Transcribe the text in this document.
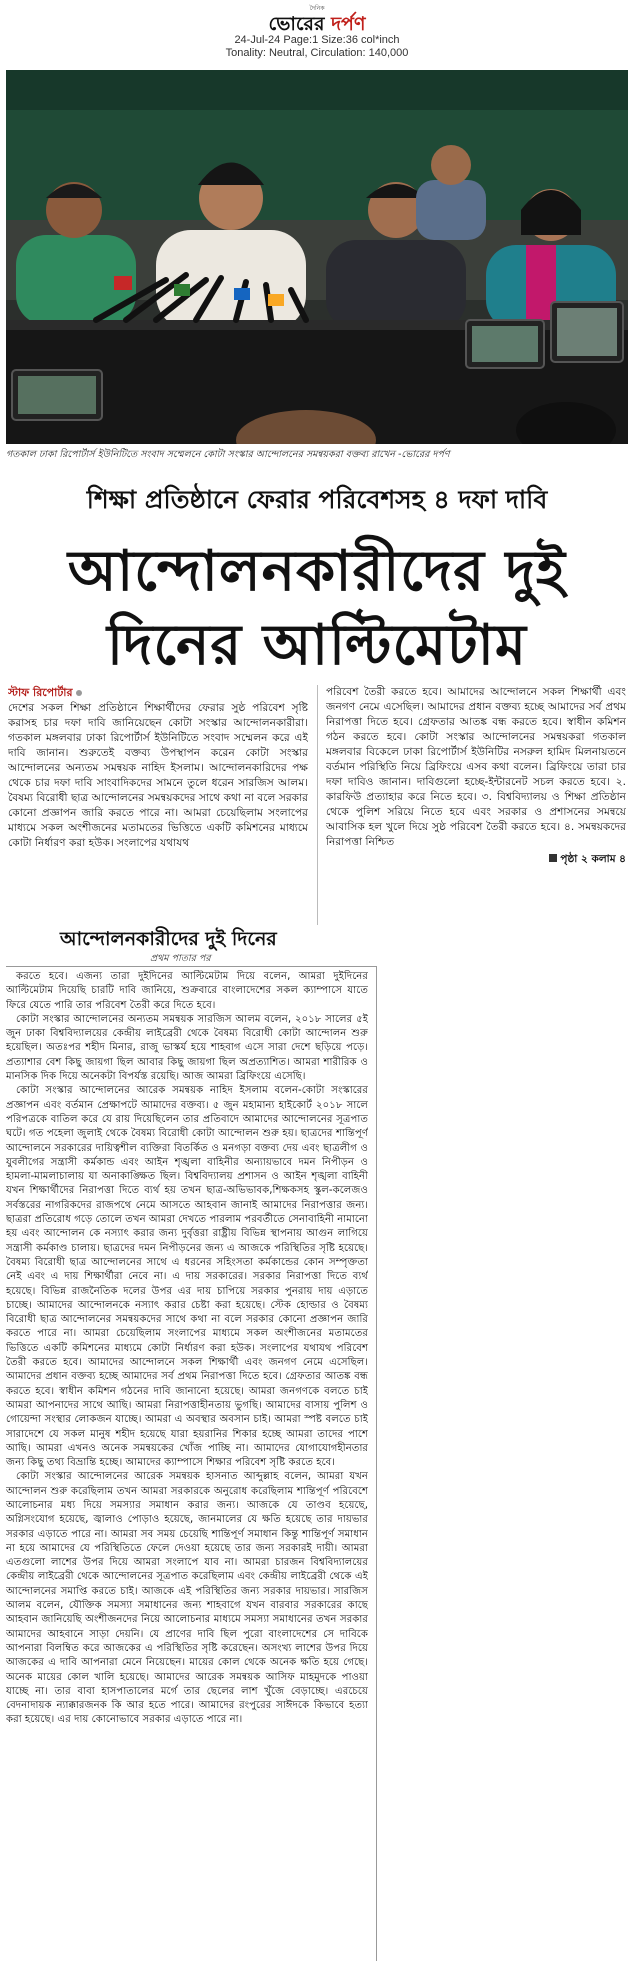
দৈনিক
ভোরের দর্পণ
24-Jul-24 Page:1 Size:36 col*inch
Tonality: Neutral, Circulation: 140,000
গতকাল ঢাকা রিপোর্টার্স ইউনিটিতে সংবাদ সম্মেলনে কোটা সংস্কার আন্দোলনের সমন্বয়করা বক্তব্য রাখেন -ভোরের দর্পণ
শিক্ষা প্রতিষ্ঠানে ফেরার পরিবেশসহ ৪ দফা দাবি
আন্দোলনকারীদের দুই
দিনের আল্টিমেটাম
স্টাফ রিপোর্টার
দেশের সকল শিক্ষা প্রতিষ্ঠানে শিক্ষার্থীদের ফেরার সুষ্ঠ পরিবেশ সৃষ্টি করাসহ চার দফা দাবি জানিয়েছেন কোটা সংস্কার আন্দোলনকারীরা। গতকাল মঙ্গলবার ঢাকা রিপোর্টার্স ইউনিটিতে সংবাদ সম্মেলন করে এই দাবি জানান। শুরুতেই বক্তব্য উপস্থাপন করেন কোটা সংস্কার আন্দোলনের অন্যতম সমন্বয়ক নাহিদ ইসলাম। আন্দোলনকারিদের পক্ষ থেকে চার দফা দাবি সাংবাদিকদের সামনে তুলে ধরেন সারজিস আলম। বৈষম্য বিরোধী ছাত্র আন্দোলনের সমন্বয়কদের সাথে কথা না বলে সরকার কোনো প্রজ্ঞাপন জারি করতে পারে না। আমরা চেয়েছিলাম সংলাপের মাধ্যমে সকল অংশীজনের মতামতের ভিত্তিতে একটি কমিশনের মাধ্যমে কোটা নির্ধারণ করা হউক। সংলাপের যথাযথ
পরিবেশ তৈরী করতে হবে। আমাদের আন্দোলনে সকল শিক্ষার্থী এবং জনগণ নেমে এসেছিল। আমাদের প্রধান বক্তব্য হচ্ছে আমাদের সর্ব প্রথম নিরাপত্তা দিতে হবে। গ্রেফতার আতঙ্ক বন্ধ করতে হবে। স্বাধীন কমিশন গঠন করতে হবে। কোটা সংস্কার আন্দোলনের সমন্বয়করা গতকাল মঙ্গলবার বিকেলে ঢাকা রিপোর্টার্স ইউনিটির নসরুল হামিদ মিলনায়তনে বর্তমান পরিস্থিতি নিয়ে ব্রিফিংয়ে এসব কথা বলেন। ব্রিফিংয়ে তারা চার দফা দাবিও জানান। দাবিগুলো হচ্ছে-ইন্টারনেট সচল করতে হবে। ২. কারফিউ প্রত্যাহার করে নিতে হবে। ৩. বিশ্ববিদ্যালয় ও শিক্ষা প্রতিষ্ঠান থেকে পুলিশ সরিয়ে নিতে হবে এবং সরকার ও প্রশাসনের সমন্বয়ে আবাসিক হল খুলে দিয়ে সুষ্ঠ পরিবেশ তৈরী করতে হবে। ৪. সমন্বয়কদের নিরাপত্তা নিশ্চিত
পৃষ্ঠা ২ কলাম ৪
আন্দোলনকারীদের দুই দিনের
প্রথম পাতার পর

করতে হবে। এজন্য তারা দুইদিনের আল্টিমেটাম দিয়ে বলেন, আমরা দুইদিনের আল্টিমেটাম দিয়েছি চারটি দাবি জানিয়ে, শুক্রবারে বাংলাদেশের সকল ক্যাম্পাসে যাতে ফিরে যেতে পারি তার পরিবেশ তৈরী করে দিতে হবে।

কোটা সংস্কার আন্দোলনের অন্যতম সমন্বয়ক সারজিস আলম বলেন, ২০১৮ সালের ৫ই জুন ঢাকা বিশ্ববিদ্যালয়ের কেন্দ্রীয় লাইব্রেরী থেকে বৈষম্য বিরোধী কোটা আন্দোলন শুরু হয়েছিল। অতঃপর শহীদ মিনার, রাজু ভাস্কর্য হয়ে শাহবাগ এসে সারা দেশে ছড়িয়ে পড়ে। প্রত্যাশার বেশ কিছু জায়গা ছিল আবার কিছু জায়গা ছিল অপ্রত্যাশিত। আমরা শারীরিক ও মানসিক দিক দিয়ে অনেকটা বিপর্যস্ত রয়েছি। আজ আমরা ব্রিফিংয়ে এসেছি।

কোটা সংস্কার আন্দোলনের আরেক সমন্বয়ক নাহিদ ইসলাম বলেন-কোটা সংস্কারের প্রজ্ঞাপন এবং বর্তমান প্রেক্ষাপটে আমাদের বক্তব্য। ৫ জুন মহামান্য হাইকোর্ট ২০১৮ সালে পরিপত্রকে বাতিল করে যে রায় দিয়েছিলেন তার প্রতিবাদে আমাদের আন্দোলনের সূত্রপাত ঘটে। গত পহেলা জুলাই থেকে বৈষম্য বিরোধী কোটা আন্দোলন শুরু হয়। ছাত্রদের শান্তিপূর্ণ আন্দোলনে সরকারের দায়িত্বশীল ব্যক্তিরা বিতর্কিত ও মনগড়া বক্তব্য দেয় এবং ছাত্রলীগ ও যুবলীগের সন্ত্রাসী কর্মকান্ড এবং আইন শৃঙ্খলা বাহিনীর অন্যায়ভাবে দমন নিপীড়ন ও হামলা-মামলাচালায় যা অনাকাঙ্ক্ষিত ছিল। বিশ্ববিদ্যালয় প্রশাসন ও আইন শৃঙ্খলা বাহিনী যখন শিক্ষার্থীদের নিরাপত্তা দিতে ব্যর্থ হয় তখন ছাত্র-অভিভাবক,শিক্ষকসহ স্কুল-কলেজও সর্বস্তরের নাগরিকদের রাজপথে নেমে আসতে আহবান জানাই আমাদের নিরাপত্তার জন্য। ছাত্ররা প্রতিরোধ গড়ে তোলে তখন আমরা দেখতে পারলাম পরবর্তীতে সেনাবাহিনী নামানো হয় এবং আন্দোলন কে নস্যাৎ করার জন্য দুর্বৃত্তরা রাষ্ট্রীয় বিভিন্ন স্থাপনায় আগুন লাগিয়ে সন্ত্রাসী কর্মকাণ্ড চালায়। ছাত্রদের দমন নিপীড়নের জন্য এ আজকে পরিস্থিতির সৃষ্টি হয়েছে। বৈষম্য বিরোধী ছাত্র আন্দোলনের সাথে এ ধরনের সহিংসতা কর্মকান্ডের কোন সম্পৃক্ততা নেই এবং এ দায় শিক্ষার্থীরা নেবে না। এ দায় সরকারের। সরকার নিরাপত্তা দিতে ব্যর্থ হয়েছে। বিভিন্ন রাজনৈতিক দলের উপর এর দায় চাপিয়ে সরকার পুনরায় দায় এড়াতে চাচ্ছে। আমাদের আন্দোলনকে নস্যাৎ করার চেষ্টা করা হয়েছে। স্টেক হোল্ডার ও বৈষম্য বিরোধী ছাত্র আন্দোলনের সমন্বয়কদের সাথে কথা না বলে সরকার কোনো প্রজ্ঞাপন জারি করতে পারে না। আমরা চেয়েছিলাম সংলাপের মাধ্যমে সকল অংশীজনের মতামতের ভিত্তিতে একটি কমিশনের মাধ্যমে কোটা নির্ধারণ করা হউক। সংলাপের যথাযথ পরিবেশ তৈরী করতে হবে। আমাদের আন্দোলনে সকল শিক্ষার্থী এবং জনগণ নেমে এসেছিল। আমাদের প্রধান বক্তব্য হচ্ছে আমাদের সর্ব প্রথম নিরাপত্তা দিতে হবে। গ্রেফতার আতঙ্ক বন্ধ করতে হবে। স্বাধীন কমিশন গঠনের দাবি জানানো হয়েছে। আমরা জনগণকে বলতে চাই আমরা আপনাদের সাথে আছি। আমরা নিরাপত্তাহীনতায় ভুগছি। আমাদের বাসায় পুলিশ ও গোয়েন্দা সংস্থার লোকজন যাচ্ছে। আমরা এ অবস্থার অবসান চাই। আমরা স্পষ্ট বলতে চাই সারাদেশে যে সকল মানুষ শহীদ হয়েছে যারা হয়রানির শিকার হচ্ছে আমরা তাদের পাশে আছি। আমরা এখনও অনেক সমন্বয়কের খোঁজ পাচ্ছি না। আমাদের যোগাযোগহীনতার জন্য কিছু তথ্য বিভ্রান্তি হচ্ছে। আমাদের ক্যাম্পাসে শিক্ষার পরিবেশ সৃষ্টি করতে হবে।

কোটা সংস্কার আন্দোলনের আরেক সমন্বয়ক হাসনাত আব্দুল্লাহ বলেন, আমরা যখন আন্দোলন শুরু করেছিলাম তখন আমরা সরকারকে অনুরোধ করেছিলাম শান্তিপূর্ণ পরিবেশে আলোচনার মধ্য দিয়ে সমস্যার সমাধান করার জন্য। আজকে যে তাণ্ডব হয়েছে, অগ্নিসংযোগ হয়েছে, জ্বালাও পোড়াও হয়েছে, জানমালের যে ক্ষতি হয়েছে তার দায়ভার সরকার এড়াতে পারে না। আমরা সব সময় চেয়েছি শান্তিপূর্ণ সমাধান কিন্তু শান্তিপূর্ণ সমাধান না হয়ে আমাদের যে পরিস্থিতিতে ফেলে দেওয়া হয়েছে তার জন্য সরকারই দায়ী। আমরা এতগুলো লাশের উপর দিয়ে আমরা সংলাপে যাব না। আমরা চারজন বিশ্ববিদ্যালয়ের কেন্দ্রীয় লাইব্রেরী থেকে আন্দোলনের সূত্রপাত করেছিলাম এবং কেন্দ্রীয় লাইব্রেরী থেকে এই আন্দোলনের সমাপ্তি করতে চাই। আজকে এই পরিস্থিতির জন্য সরকার দায়ভার। সারজিস আলম বলেন, যৌক্তিক সমস্যা সমাধানের জন্য শাহবাগে যখন বারবার সরকারের কাছে আহবান জানিয়েছি অংশীজনদের নিয়ে আলোচনার মাধ্যমে সমস্যা সমাধানের তখন সরকার আমাদের আহবানে সাড়া দেয়নি। যে প্রাণের দাবি ছিল পুরো বাংলাদেশের সে দাবিকে আপনারা বিলম্বিত করে আজকের এ পরিস্থিতির সৃষ্টি করেছেন। অসংখ্য লাশের উপর দিয়ে আজকের এ দাবি আপনারা মেনে নিয়েছেন। মায়ের কোল থেকে অনেক ক্ষতি হয়ে গেছে। অনেক মায়ের কোল খালি হয়েছে। আমাদের আরেক সমন্বয়ক আসিফ মাহমুদকে পাওয়া যাচ্ছে না। তার বাবা হাসপাতালের মর্গে তার ছেলের লাশ খুঁজে বেড়াচ্ছে। এরচেয়ে বেদনাদায়ক ন্যাক্কারজনক কি আর হতে পারে। আমাদের রংপুরের সাঈদকে কিভাবে হত্যা করা হয়েছে। এর দায় কোনোভাবে সরকার এড়াতে পারে না।
